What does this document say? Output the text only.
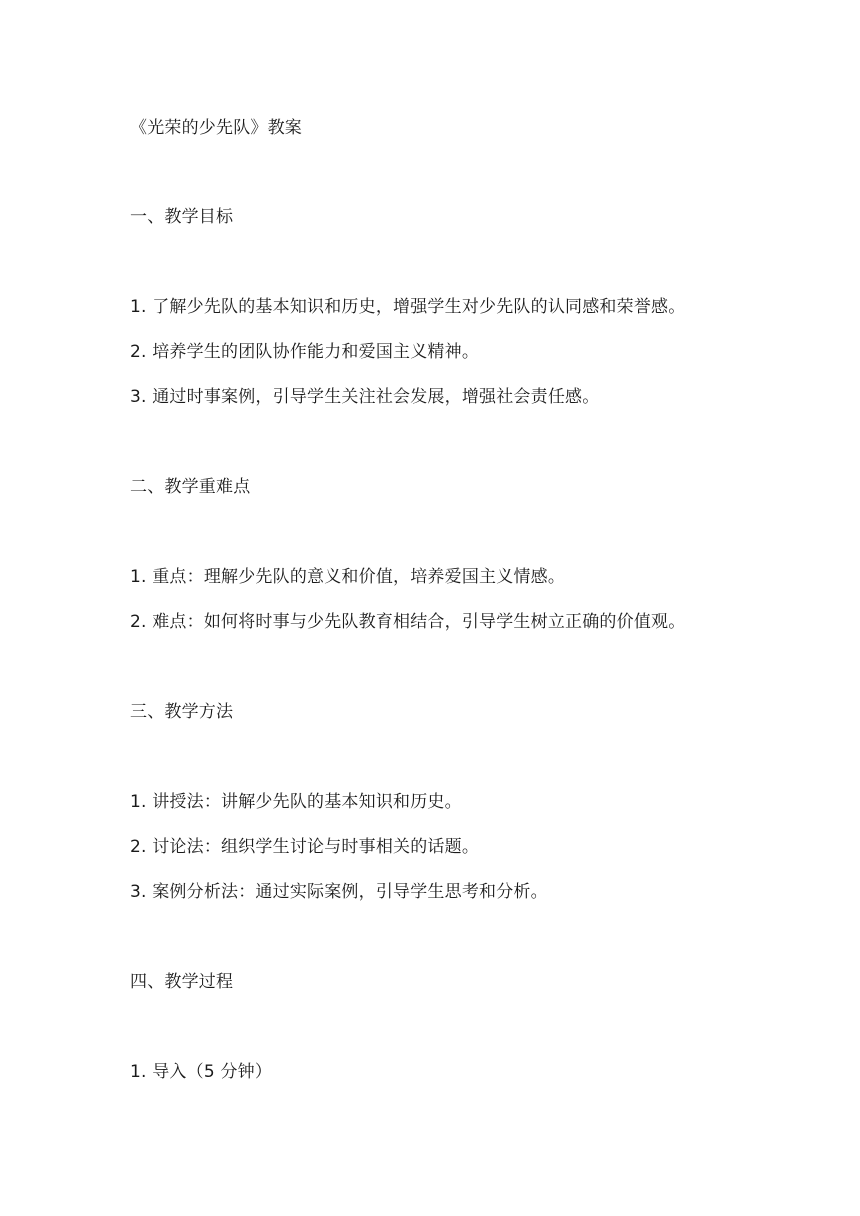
《光荣的少先队》教案
一、教学目标
1. 了解少先队的基本知识和历史，增强学生对少先队的认同感和荣誉感。
2. 培养学生的团队协作能力和爱国主义精神。
3. 通过时事案例，引导学生关注社会发展，增强社会责任感。
二、教学重难点
1. 重点：理解少先队的意义和价值，培养爱国主义情感。
2. 难点：如何将时事与少先队教育相结合，引导学生树立正确的价值观。
三、教学方法
1. 讲授法：讲解少先队的基本知识和历史。
2. 讨论法：组织学生讨论与时事相关的话题。
3. 案例分析法：通过实际案例，引导学生思考和分析。
四、教学过程
1. 导入（5 分钟）
